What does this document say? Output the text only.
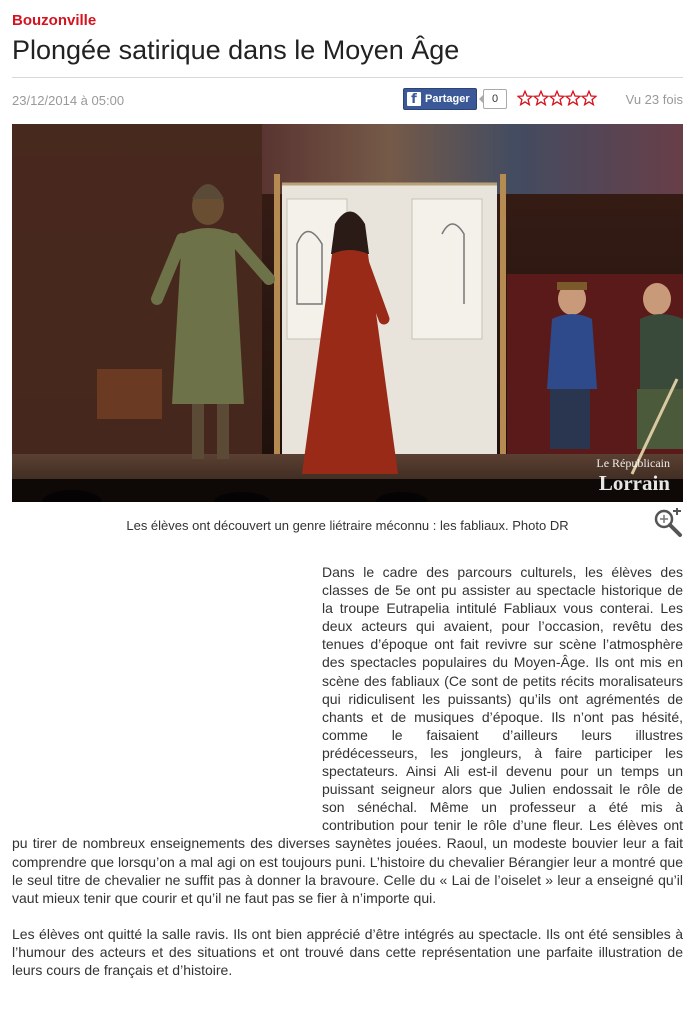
Bouzonville
Plongée satirique dans le Moyen Âge
23/12/2014 à 05:00	f Partager	0	Vu 23 fois
Le Républicain
Lorrain
Les élèves ont découvert un genre liétraire méconnu : les fabliaux. Photo DR

Dans le cadre des parcours culturels, les élèves des classes de 5e ont pu assister au spectacle historique de la troupe Eutrapelia intitulé Fabliaux vous conterai. Les deux acteurs qui avaient, pour l’occasion, revêtu des tenues d’époque ont fait revivre sur scène l’atmosphère des spectacles populaires du Moyen-Âge. Ils ont mis en scène des fabliaux (Ce sont de petits récits moralisateurs qui ridiculisent les puissants) qu’ils ont agrémentés de chants et de musiques d’époque. Ils n’ont pas hésité, comme le faisaient d’ailleurs leurs illustres prédécesseurs, les jongleurs, à faire participer les spectateurs. Ainsi Ali est-il devenu pour un temps un puissant seigneur alors que Julien endossait le rôle de son sénéchal. Même un professeur a été mis à contribution pour tenir le rôle d’une fleur. Les élèves ont pu tirer de nombreux enseignements des diverses saynètes jouées. Raoul, un modeste bouvier leur a fait comprendre que lorsqu’on a mal agi on est toujours puni. L’histoire du chevalier Bérangier leur a montré que le seul titre de chevalier ne suffit pas à donner la bravoure. Celle du « Lai de l’oiselet » leur a enseigné qu’il vaut mieux tenir que courir et qu’il ne faut pas se fier à n’importe qui.

Les élèves ont quitté la salle ravis. Ils ont bien apprécié d’être intégrés au spectacle. Ils ont été sensibles à l’humour des acteurs et des situations et ont trouvé dans cette représentation une parfaite illustration de leurs cours de français et d’histoire.
